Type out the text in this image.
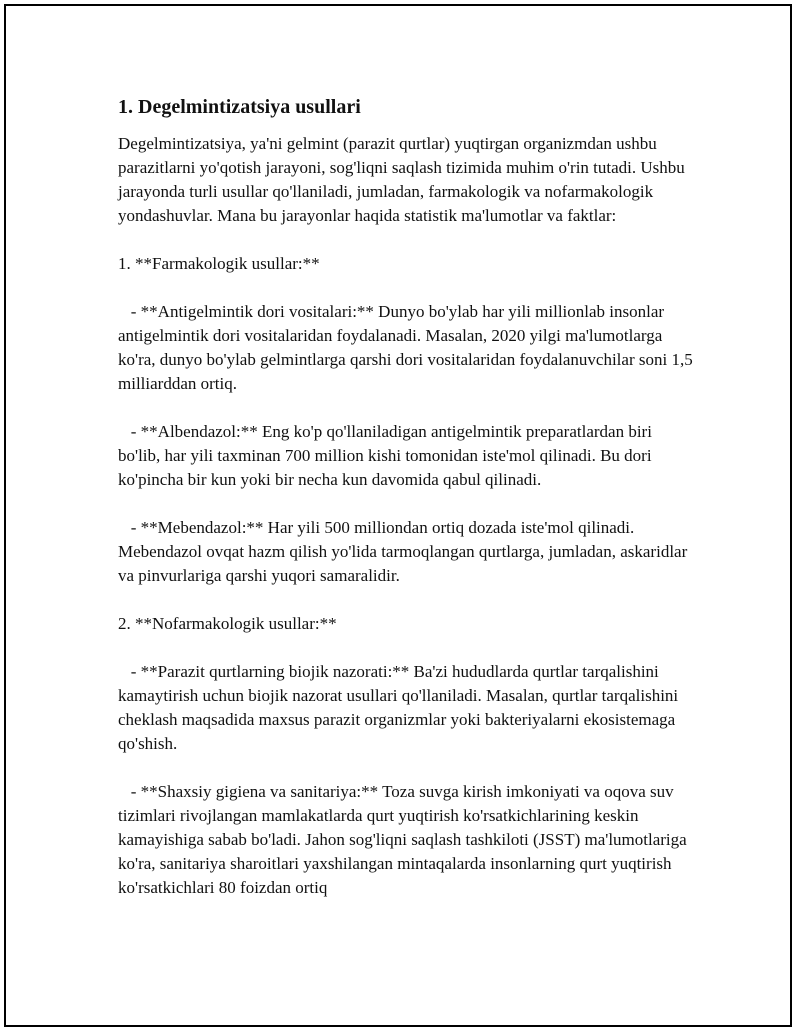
1. Degelmintizatsiya usullari

Degelmintizatsiya, ya'ni gelmint (parazit qurtlar) yuqtirgan organizmdan ushbu parazitlarni yo'qotish jarayoni, sog'liqni saqlash tizimida muhim o'rin tutadi. Ushbu jarayonda turli usullar qo'llaniladi, jumladan, farmakologik va nofarmakologik yondashuvlar. Mana bu jarayonlar haqida statistik ma'lumotlar va faktlar:

1. **Farmakologik usullar:**

- **Antigelmintik dori vositalari:** Dunyo bo'ylab har yili millionlab insonlar antigelmintik dori vositalaridan foydalanadi. Masalan, 2020 yilgi ma'lumotlarga ko'ra, dunyo bo'ylab gelmintlarga qarshi dori vositalaridan foydalanuvchilar soni 1,5 milliarddan ortiq.
- **Albendazol:** Eng ko'p qo'llaniladigan antigelmintik preparatlardan biri bo'lib, har yili taxminan 700 million kishi tomonidan iste'mol qilinadi. Bu dori ko'pincha bir kun yoki bir necha kun davomida qabul qilinadi.
- **Mebendazol:** Har yili 500 milliondan ortiq dozada iste'mol qilinadi. Mebendazol ovqat hazm qilish yo'lida tarmoqlangan qurtlarga, jumladan, askaridlar va pinvurlariga qarshi yuqori samaralidir.

2. **Nofarmakologik usullar:**

- **Parazit qurtlarning biojik nazorati:** Ba'zi hududlarda qurtlar tarqalishini kamaytirish uchun biojik nazorat usullari qo'llaniladi. Masalan, qurtlar tarqalishini cheklash maqsadida maxsus parazit organizmlar yoki bakteriyalarni ekosistemaga qo'shish.
- **Shaxsiy gigiena va sanitariya:** Toza suvga kirish imkoniyati va oqova suv tizimlari rivojlangan mamlakatlarda qurt yuqtirish ko'rsatkichlarining keskin kamayishiga sabab bo'ladi. Jahon sog'liqni saqlash tashkiloti (JSST) ma'lumotlariga ko'ra, sanitariya sharoitlari yaxshilangan mintaqalarda insonlarning qurt yuqtirish ko'rsatkichlari 80 foizdan ortiq
